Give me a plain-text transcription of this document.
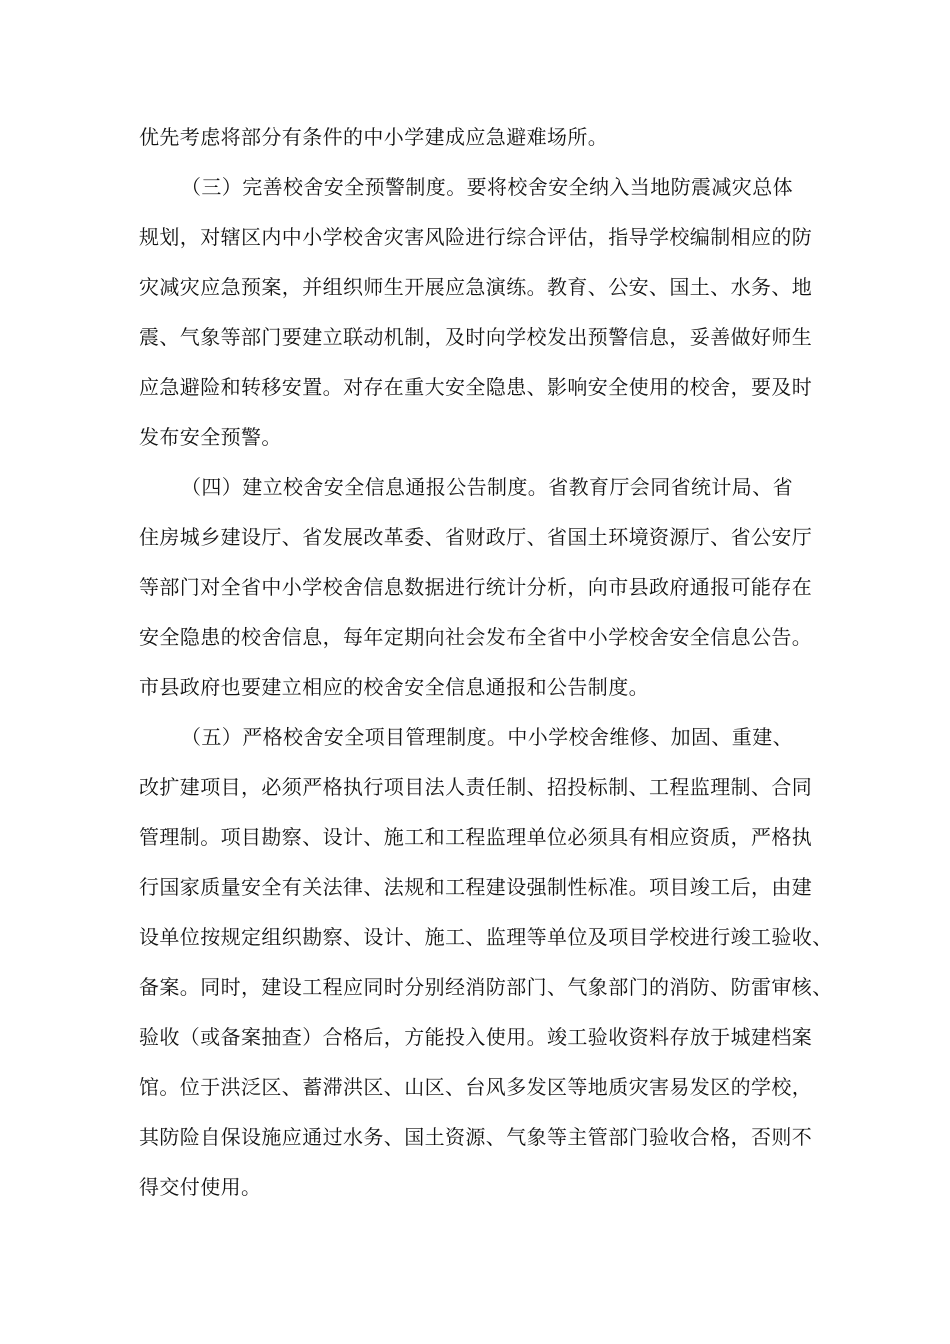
优先考虑将部分有条件的中小学建成应急避难场所。
（三）完善校舍安全预警制度。要将校舍安全纳入当地防震减灾总体
规划，对辖区内中小学校舍灾害风险进行综合评估，指导学校编制相应的防
灾减灾应急预案，并组织师生开展应急演练。教育、公安、国土、水务、地
震、气象等部门要建立联动机制，及时向学校发出预警信息，妥善做好师生
应急避险和转移安置。对存在重大安全隐患、影响安全使用的校舍，要及时
发布安全预警。
（四）建立校舍安全信息通报公告制度。省教育厅会同省统计局、省
住房城乡建设厅、省发展改革委、省财政厅、省国土环境资源厅、省公安厅
等部门对全省中小学校舍信息数据进行统计分析，向市县政府通报可能存在
安全隐患的校舍信息，每年定期向社会发布全省中小学校舍安全信息公告。
市县政府也要建立相应的校舍安全信息通报和公告制度。
（五）严格校舍安全项目管理制度。中小学校舍维修、加固、重建、
改扩建项目，必须严格执行项目法人责任制、招投标制、工程监理制、合同
管理制。项目勘察、设计、施工和工程监理单位必须具有相应资质，严格执
行国家质量安全有关法律、法规和工程建设强制性标准。项目竣工后，由建
设单位按规定组织勘察、设计、施工、监理等单位及项目学校进行竣工验收、
备案。同时，建设工程应同时分别经消防部门、气象部门的消防、防雷审核、
验收（或备案抽查）合格后，方能投入使用。竣工验收资料存放于城建档案
馆。位于洪泛区、蓄滞洪区、山区、台风多发区等地质灾害易发区的学校，
其防险自保设施应通过水务、国土资源、气象等主管部门验收合格，否则不
得交付使用。
